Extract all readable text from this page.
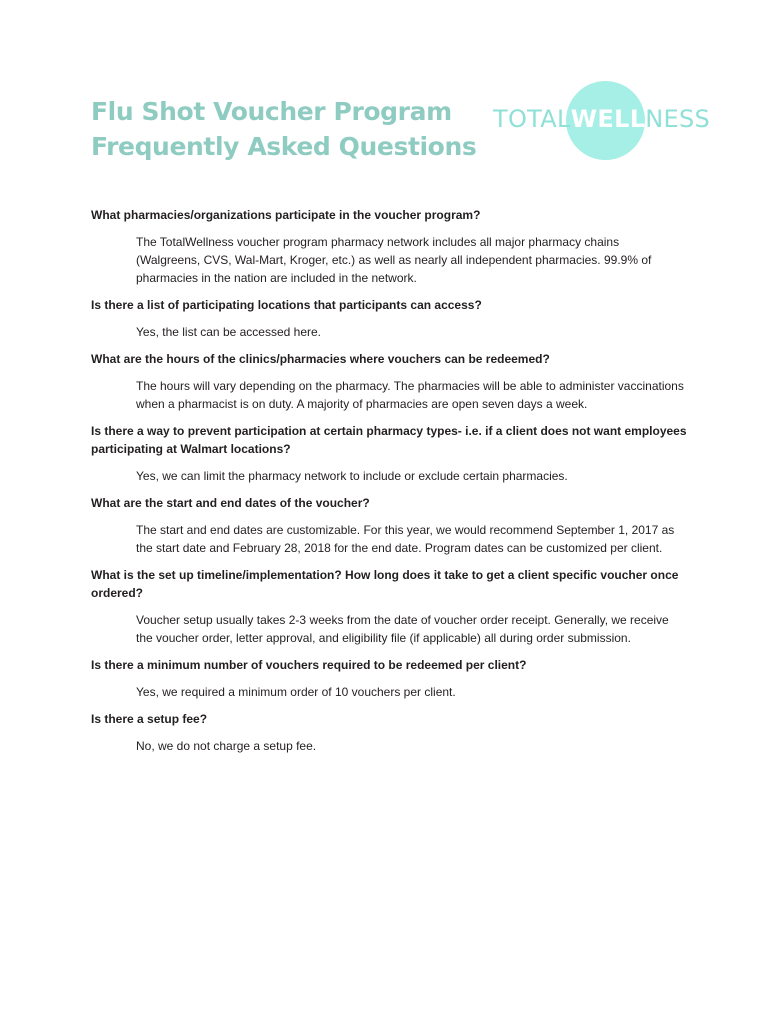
Flu Shot Voucher Program
Frequently Asked Questions
TOTALWELLNESS

What pharmacies/organizations participate in the voucher program?

The TotalWellness voucher program pharmacy network includes all major pharmacy chains (Walgreens, CVS, Wal-Mart, Kroger, etc.) as well as nearly all independent pharmacies. 99.9% of pharmacies in the nation are included in the network.

Is there a list of participating locations that participants can access?

Yes, the list can be accessed here.

What are the hours of the clinics/pharmacies where vouchers can be redeemed?

The hours will vary depending on the pharmacy. The pharmacies will be able to administer vaccinations when a pharmacist is on duty. A majority of pharmacies are open seven days a week.

Is there a way to prevent participation at certain pharmacy types- i.e. if a client does not want employees participating at Walmart locations?

Yes, we can limit the pharmacy network to include or exclude certain pharmacies.

What are the start and end dates of the voucher?

The start and end dates are customizable. For this year, we would recommend September 1, 2017 as the start date and February 28, 2018 for the end date. Program dates can be customized per client.

What is the set up timeline/implementation? How long does it take to get a client specific voucher once ordered?

Voucher setup usually takes 2-3 weeks from the date of voucher order receipt. Generally, we receive the voucher order, letter approval, and eligibility file (if applicable) all during order submission.

Is there a minimum number of vouchers required to be redeemed per client?

Yes, we required a minimum order of 10 vouchers per client.

Is there a setup fee?

No, we do not charge a setup fee.
